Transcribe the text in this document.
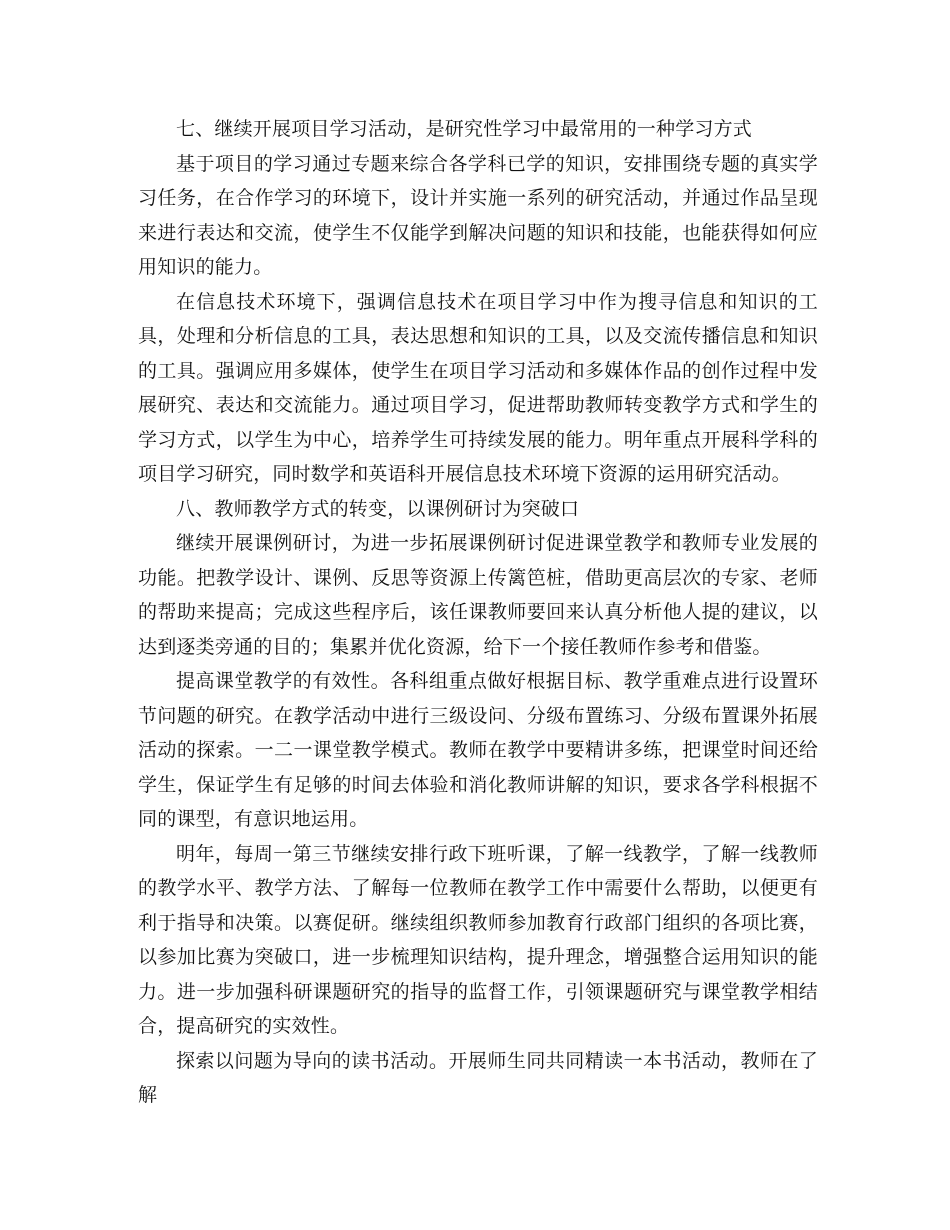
七、继续开展项目学习活动，是研究性学习中最常用的一种学习方式

基于项目的学习通过专题来综合各学科已学的知识，安排围绕专题的真实学习任务，在合作学习的环境下，设计并实施一系列的研究活动，并通过作品呈现来进行表达和交流，使学生不仅能学到解决问题的知识和技能，也能获得如何应用知识的能力。

在信息技术环境下，强调信息技术在项目学习中作为搜寻信息和知识的工具，处理和分析信息的工具，表达思想和知识的工具，以及交流传播信息和知识的工具。强调应用多媒体，使学生在项目学习活动和多媒体作品的创作过程中发展研究、表达和交流能力。通过项目学习，促进帮助教师转变教学方式和学生的学习方式，以学生为中心，培养学生可持续发展的能力。明年重点开展科学科的项目学习研究，同时数学和英语科开展信息技术环境下资源的运用研究活动。

八、教师教学方式的转变，以课例研讨为突破口

继续开展课例研讨，为进一步拓展课例研讨促进课堂教学和教师专业发展的功能。把教学设计、课例、反思等资源上传篱笆桩，借助更高层次的专家、老师的帮助来提高；完成这些程序后，该任课教师要回来认真分析他人提的建议，以达到逐类旁通的目的；集累并优化资源，给下一个接任教师作参考和借鉴。

提高课堂教学的有效性。各科组重点做好根据目标、教学重难点进行设置环节问题的研究。在教学活动中进行三级设问、分级布置练习、分级布置课外拓展活动的探索。一二一课堂教学模式。教师在教学中要精讲多练，把课堂时间还给学生，保证学生有足够的时间去体验和消化教师讲解的知识，要求各学科根据不同的课型，有意识地运用。

明年，每周一第三节继续安排行政下班听课，了解一线教学，了解一线教师的教学水平、教学方法、了解每一位教师在教学工作中需要什么帮助，以便更有利于指导和决策。以赛促研。继续组织教师参加教育行政部门组织的各项比赛，以参加比赛为突破口，进一步梳理知识结构，提升理念，增强整合运用知识的能力。进一步加强科研课题研究的指导的监督工作，引领课题研究与课堂教学相结合，提高研究的实效性。

探索以问题为导向的读书活动。开展师生同共同精读一本书活动，教师在了解
